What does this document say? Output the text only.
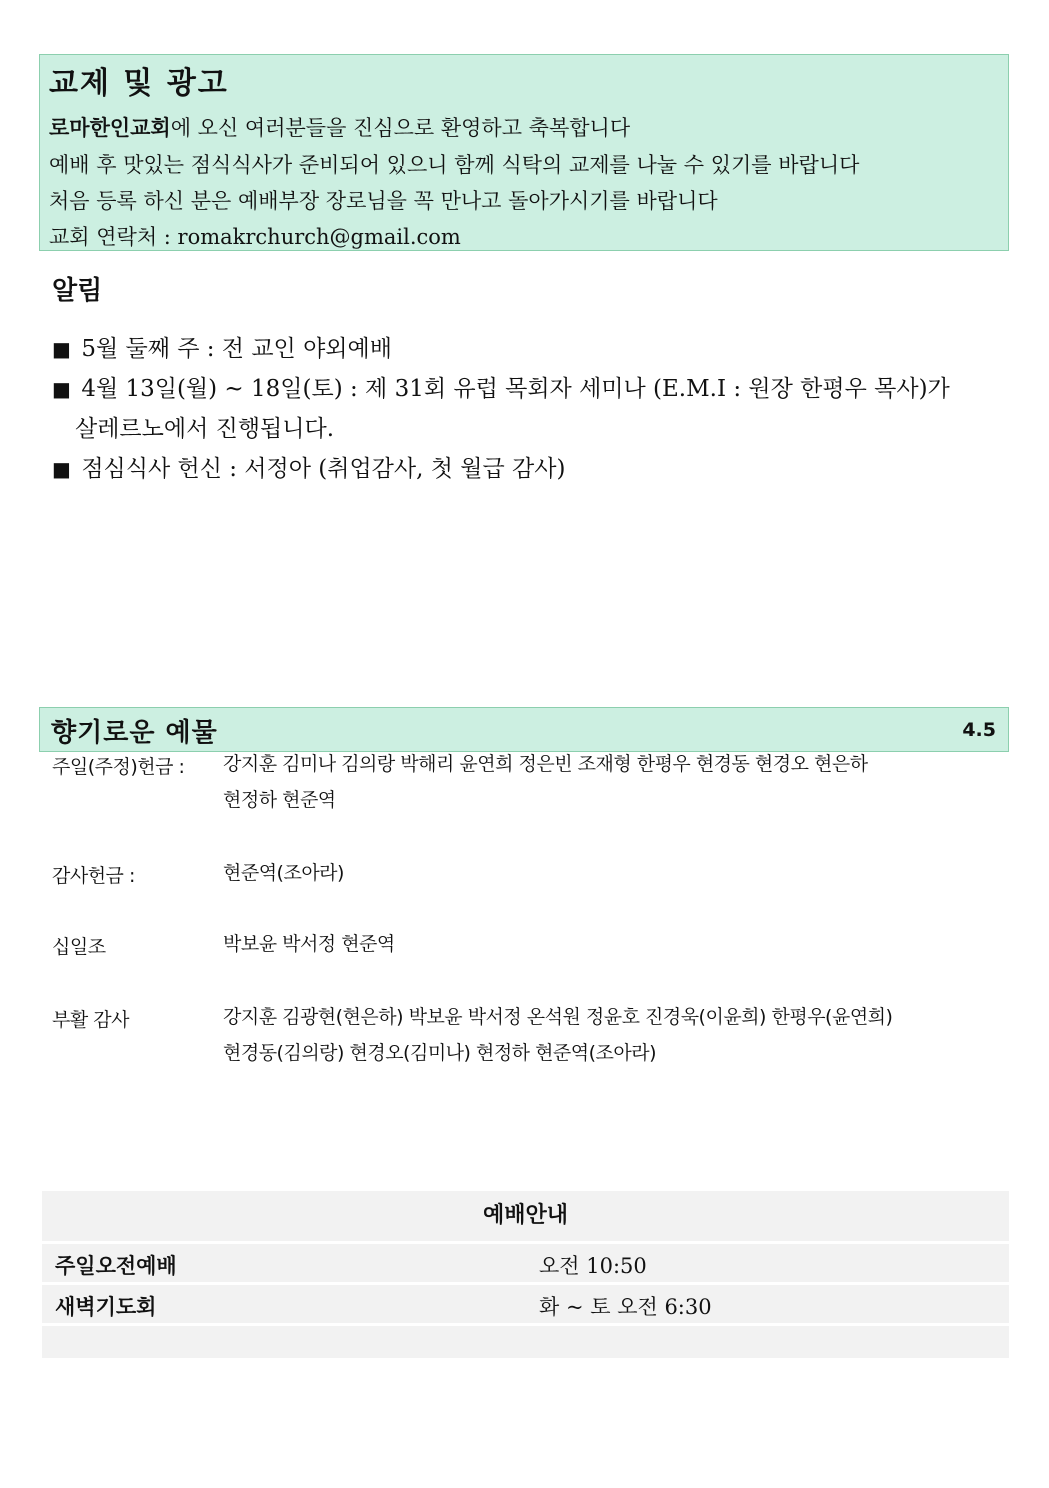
교제 및 광고
로마한인교회에 오신 여러분들을 진심으로 환영하고 축복합니다
예배 후 맛있는 점식식사가 준비되어 있으니 함께 식탁의 교제를 나눌 수 있기를 바랍니다
처음 등록 하신 분은 예배부장 장로님을 꼭 만나고 돌아가시기를 바랍니다
교회 연락처 : romakrchurch@gmail.com
알림
■ 5월 둘째 주 : 전 교인 야외예배
■ 4월 13일(월) ~ 18일(토) : 제 31회 유럽 목회자 세미나 (E.M.I : 원장 한평우 목사)가
살레르노에서 진행됩니다.
■ 점심식사 헌신 : 서정아 (취업감사, 첫 월급 감사)
향기로운 예물	4.5
주일(주정)헌금 : 강지훈 김미나 김의랑 박해리 윤연희 정은빈 조재형 한평우 현경동 현경오 현은하
현정하 현준역
감사헌금 :	현준역(조아라)
십일조	박보윤 박서정 현준역
부활 감사	강지훈 김광현(현은하) 박보윤 박서정 온석원 정윤호 진경욱(이윤희) 한평우(윤연희)
현경동(김의랑) 현경오(김미나) 현정하 현준역(조아라)
예배안내
주일오전예배	오전 10:50
새벽기도회	화 ~ 토 오전 6:30
